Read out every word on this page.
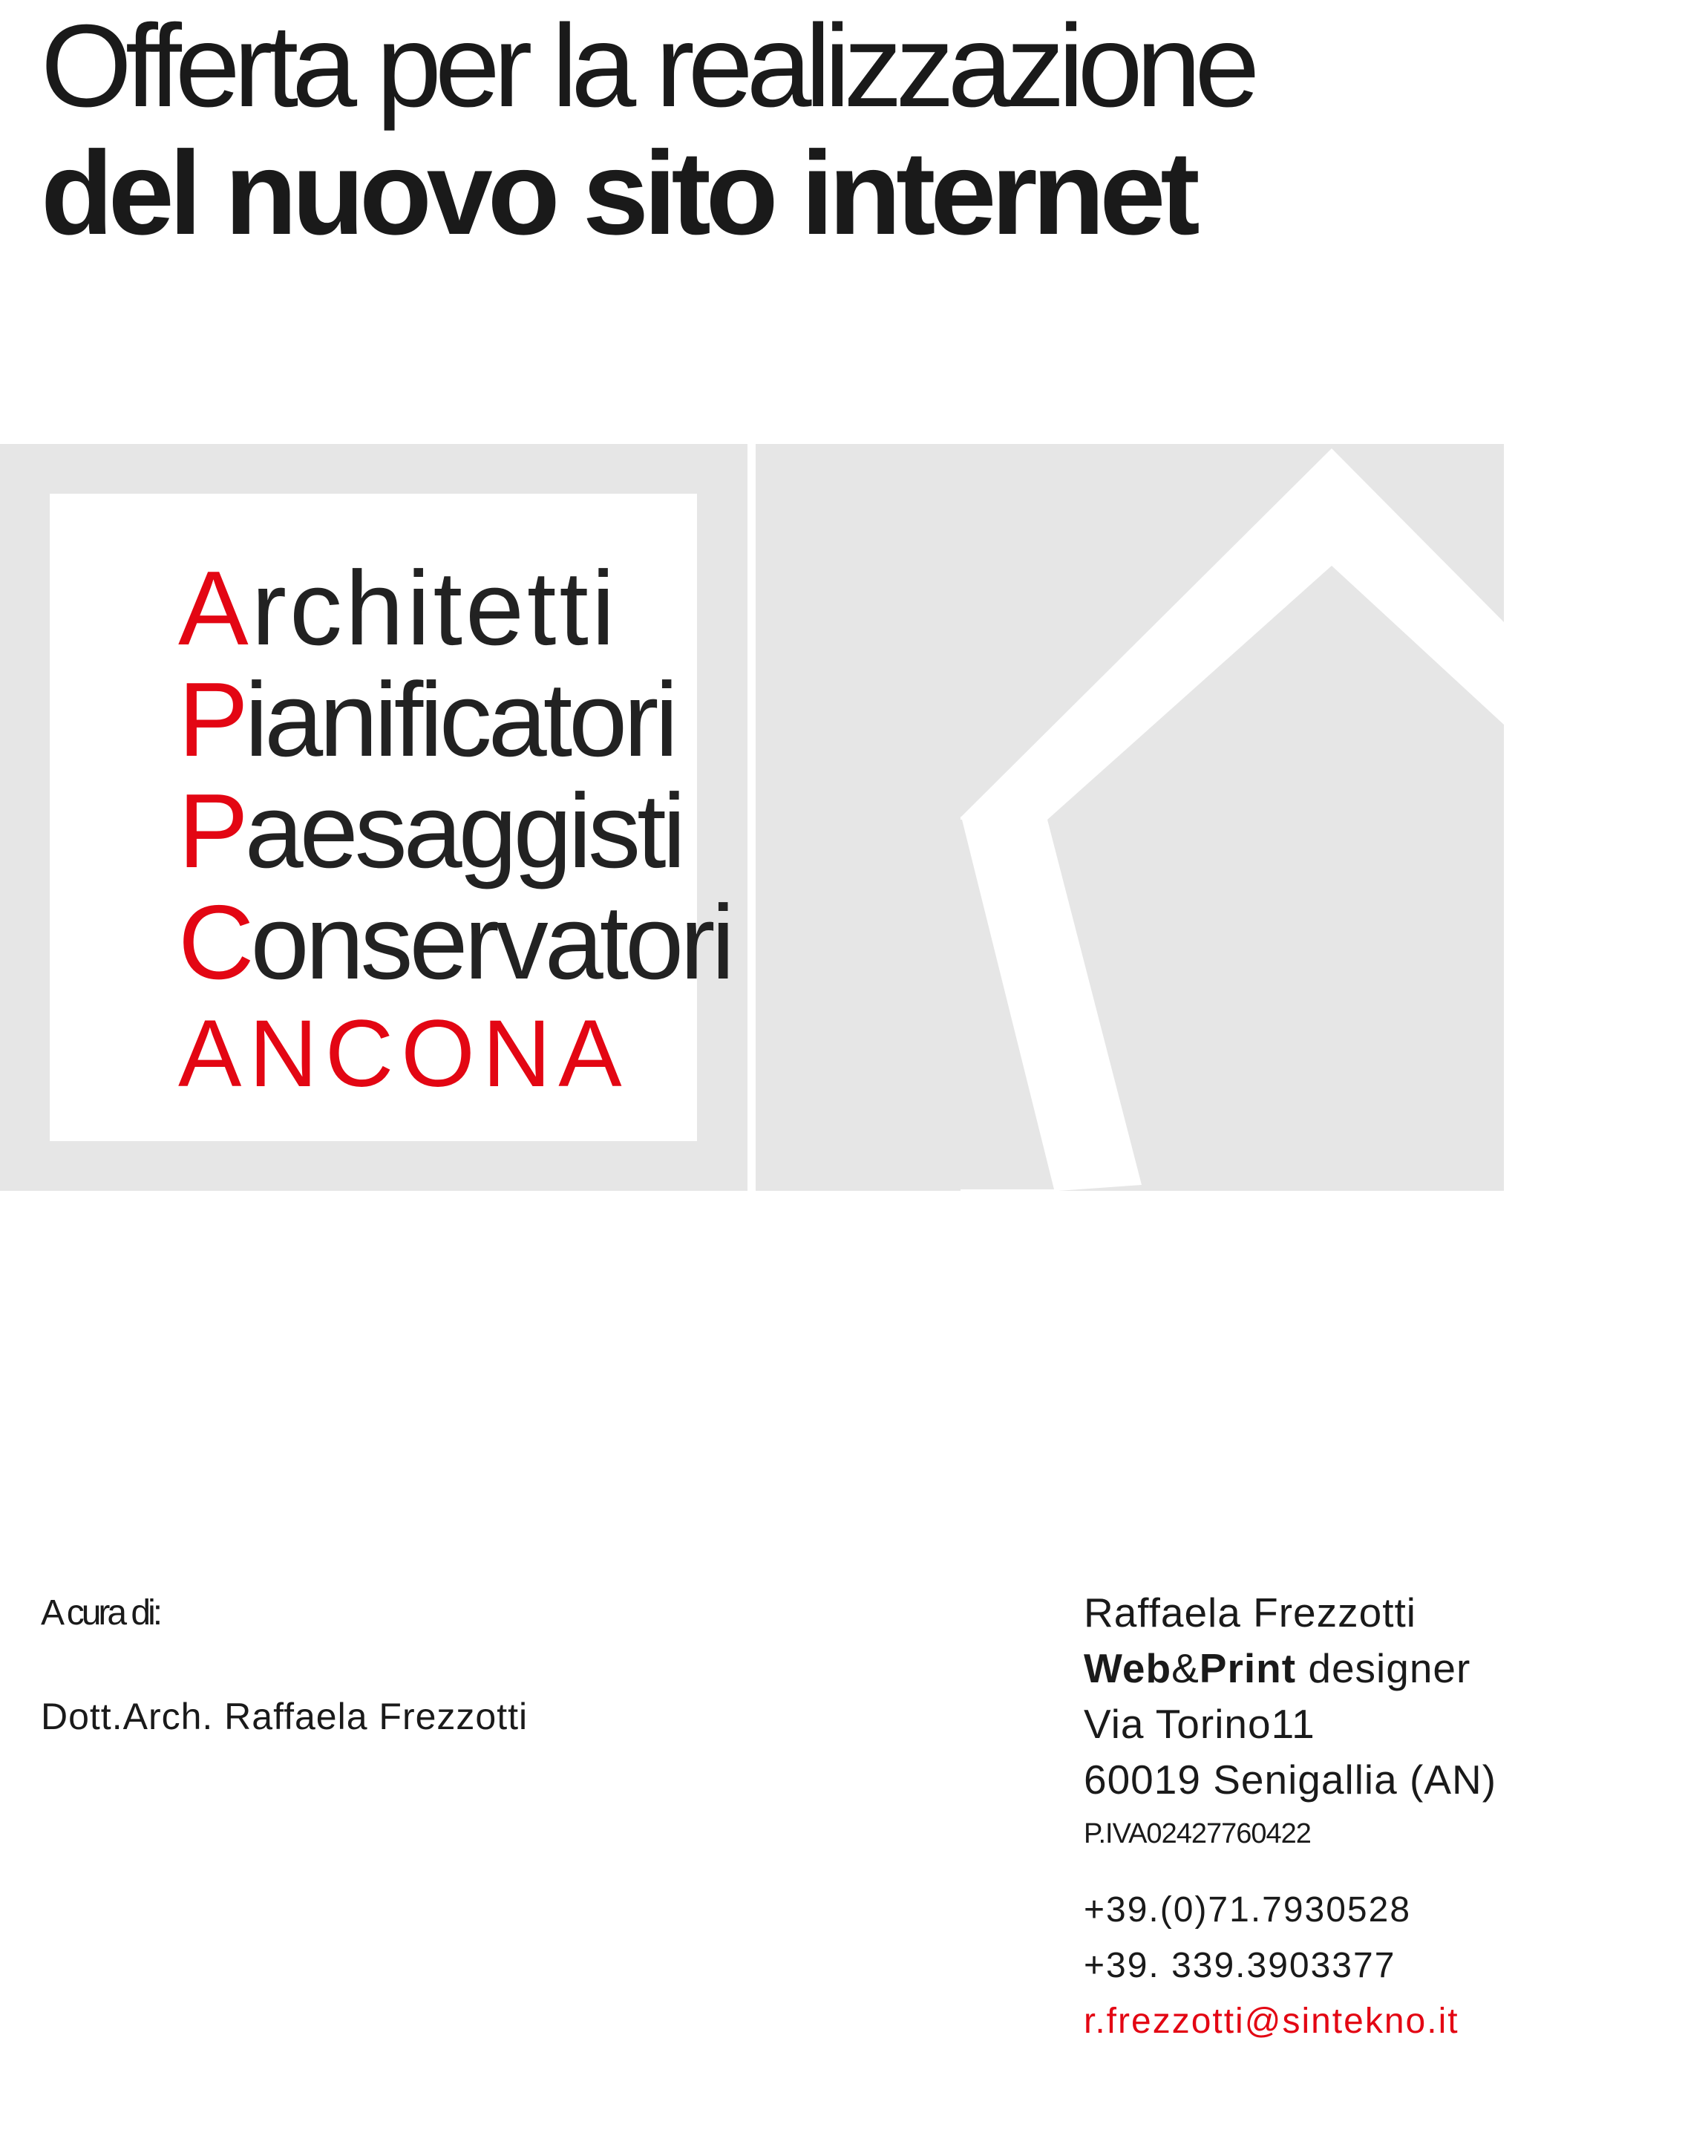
Offerta per la realizzazione
del nuovo sito internet
Architetti
Pianificatori
Paesaggisti
Conservatori
ANCONA
A cura di:
Dott.Arch. Raffaela Frezzotti
Raffaela Frezzotti
Web&Print designer
Via Torino11
60019 Senigallia (AN)
P.IVA02427760422
+39.(0)71.7930528
+39. 339.3903377
r.frezzotti@sintekno.it
